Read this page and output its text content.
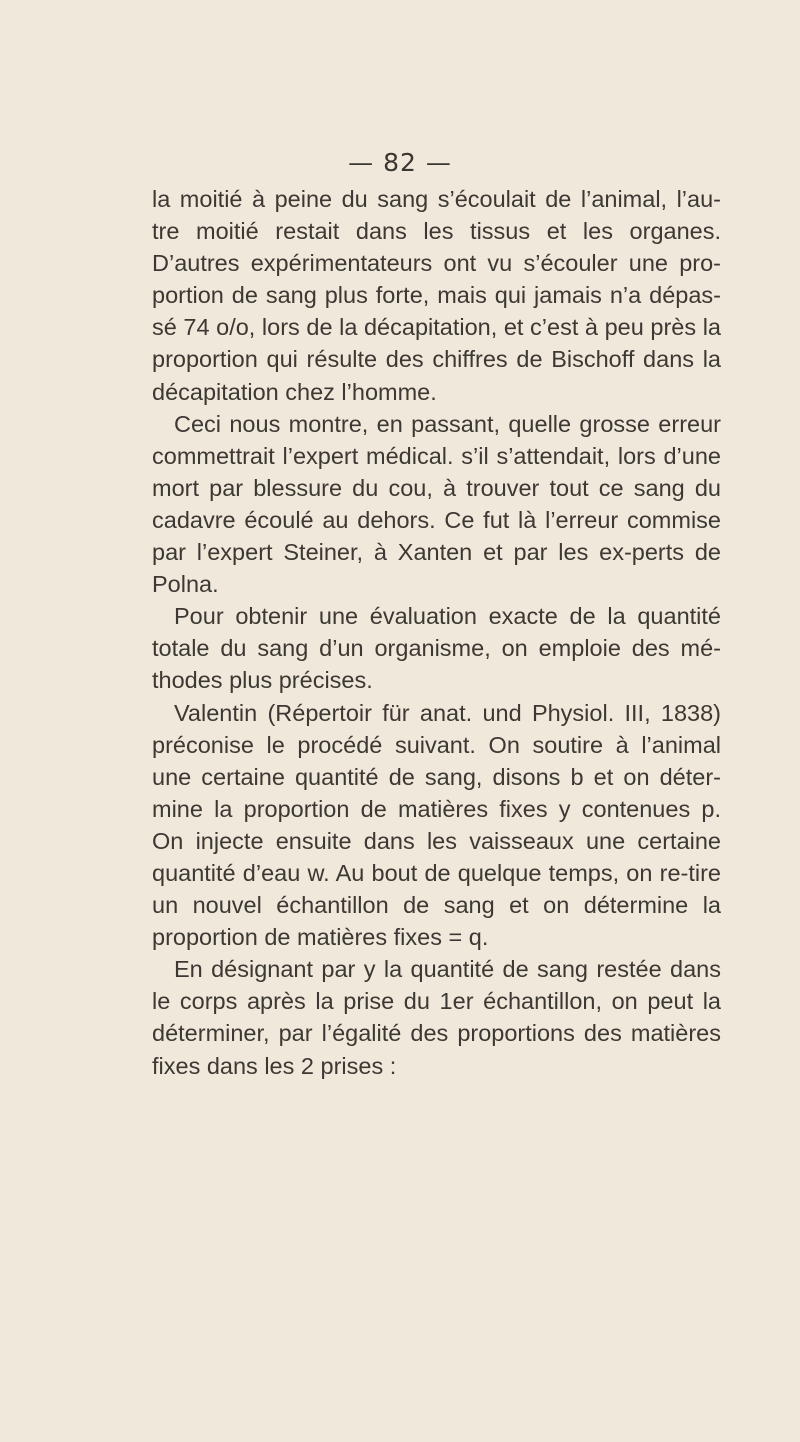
— 82 —

la moitié à peine du sang s’écoulait de l’animal, l’au-tre moitié restait dans les tissus et les organes. D’autres expérimentateurs ont vu s’écouler une pro-portion de sang plus forte, mais qui jamais n’a dépas-sé 74 o/o, lors de la décapitation, et c’est à peu près la proportion qui résulte des chiffres de Bischoff dans la décapitation chez l’homme.

Ceci nous montre, en passant, quelle grosse erreur commettrait l’expert médical. s’il s’attendait, lors d’une mort par blessure du cou, à trouver tout ce sang du cadavre écoulé au dehors. Ce fut là l’erreur commise par l’expert Steiner, à Xanten et par les ex-perts de Polna.

Pour obtenir une évaluation exacte de la quantité totale du sang d’un organisme, on emploie des mé-thodes plus précises.

Valentin (Répertoir für anat. und Physiol. III, 1838) préconise le procédé suivant. On soutire à l’animal une certaine quantité de sang, disons b et on déter-mine la proportion de matières fixes y contenues p. On injecte ensuite dans les vaisseaux une certaine quantité d’eau w. Au bout de quelque temps, on re-tire un nouvel échantillon de sang et on détermine la proportion de matières fixes = q.

En désignant par y la quantité de sang restée dans le corps après la prise du 1er échantillon, on peut la déterminer, par l’égalité des proportions des matières fixes dans les 2 prises :
